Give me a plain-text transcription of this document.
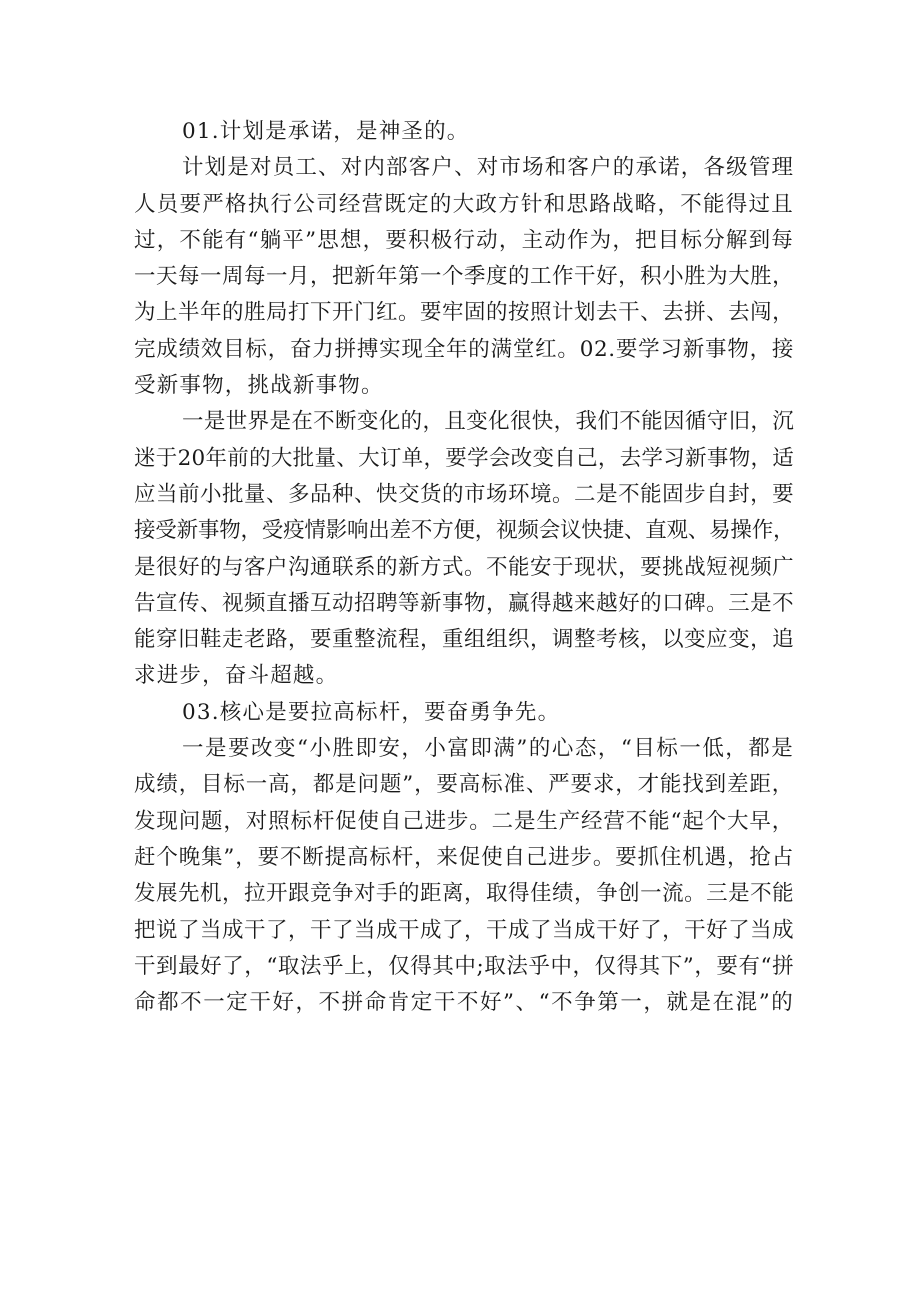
01.计划是承诺，是神圣的。
计划是对员工、对内部客户、对市场和客户的承诺，各级管理
人员要严格执行公司经营既定的大政方针和思路战略，不能得过且
过，不能有“躺平”思想，要积极行动，主动作为，把目标分解到每
一天每一周每一月，把新年第一个季度的工作干好，积小胜为大胜，
为上半年的胜局打下开门红。要牢固的按照计划去干、去拼、去闯，
完成绩效目标，奋力拼搏实现全年的满堂红。02.要学习新事物，接
受新事物，挑战新事物。
一是世界是在不断变化的，且变化很快，我们不能因循守旧，沉
迷于20年前的大批量、大订单，要学会改变自己，去学习新事物，适
应当前小批量、多品种、快交货的市场环境。二是不能固步自封，要
接受新事物，受疫情影响出差不方便，视频会议快捷、直观、易操作，
是很好的与客户沟通联系的新方式。不能安于现状，要挑战短视频广
告宣传、视频直播互动招聘等新事物，赢得越来越好的口碑。三是不
能穿旧鞋走老路，要重整流程，重组组织，调整考核，以变应变，追
求进步，奋斗超越。
03.核心是要拉高标杆，要奋勇争先。
一是要改变“小胜即安，小富即满”的心态，“目标一低，都是
成绩，目标一高，都是问题”，要高标准、严要求，才能找到差距，
发现问题，对照标杆促使自己进步。二是生产经营不能“起个大早，
赶个晚集”，要不断提高标杆，来促使自己进步。要抓住机遇，抢占
发展先机，拉开跟竞争对手的距离，取得佳绩，争创一流。三是不能
把说了当成干了，干了当成干成了，干成了当成干好了，干好了当成
干到最好了，“取法乎上，仅得其中;取法乎中，仅得其下”，要有“拼
命都不一定干好，不拼命肯定干不好”、“不争第一，就是在混”的
